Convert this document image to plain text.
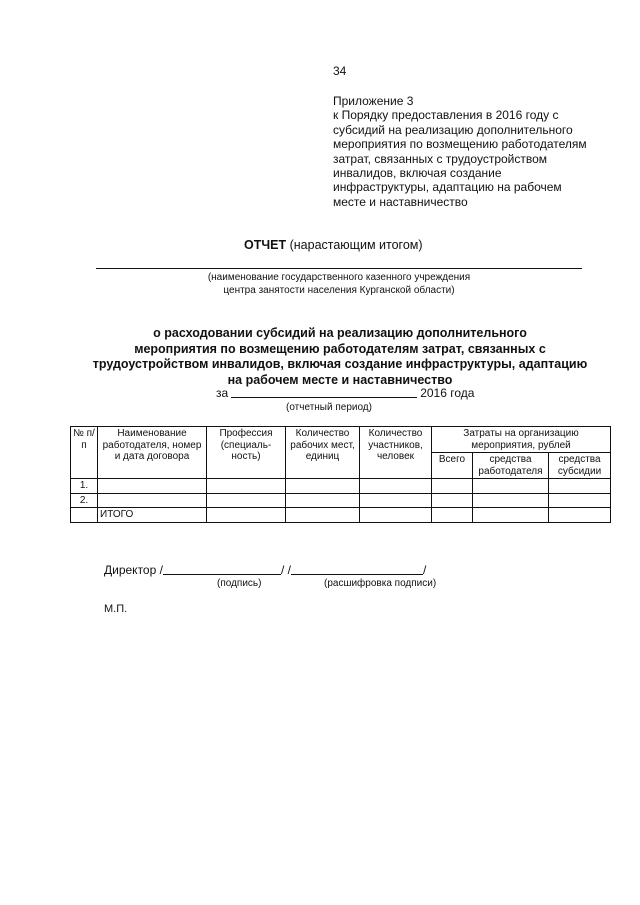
34
Приложение 3
к Порядку предоставления в 2016 году с
субсидий на реализацию дополнительного
мероприятия по возмещению работодателям
затрат, связанных с трудоустройством
инвалидов, включая создание
инфраструктуры, адаптацию на рабочем
месте и наставничество
ОТЧЕТ (нарастающим итогом)
(наименование государственного казенного учреждения
центра занятости населения Курганской области)
о расходовании субсидий на реализацию дополнительного
мероприятия по возмещению работодателям затрат, связанных с
трудоустройством инвалидов, включая создание инфраструктуры, адаптацию
на рабочем месте и наставничество
за	2016 года
(отчетный период)
№ п/п	Наименование работодателя, номер и дата договора	Профессия (специаль-ность)	Количество рабочих мест, единиц	Количество участников, человек	Затраты на организацию мероприятия, рублей		
					Всего	средства работодателя	средства субсидии
1.							
2.							
	ИТОГО						
Директор /	/ /	/
(подпись)	(расшифровка подписи)
М.П.
